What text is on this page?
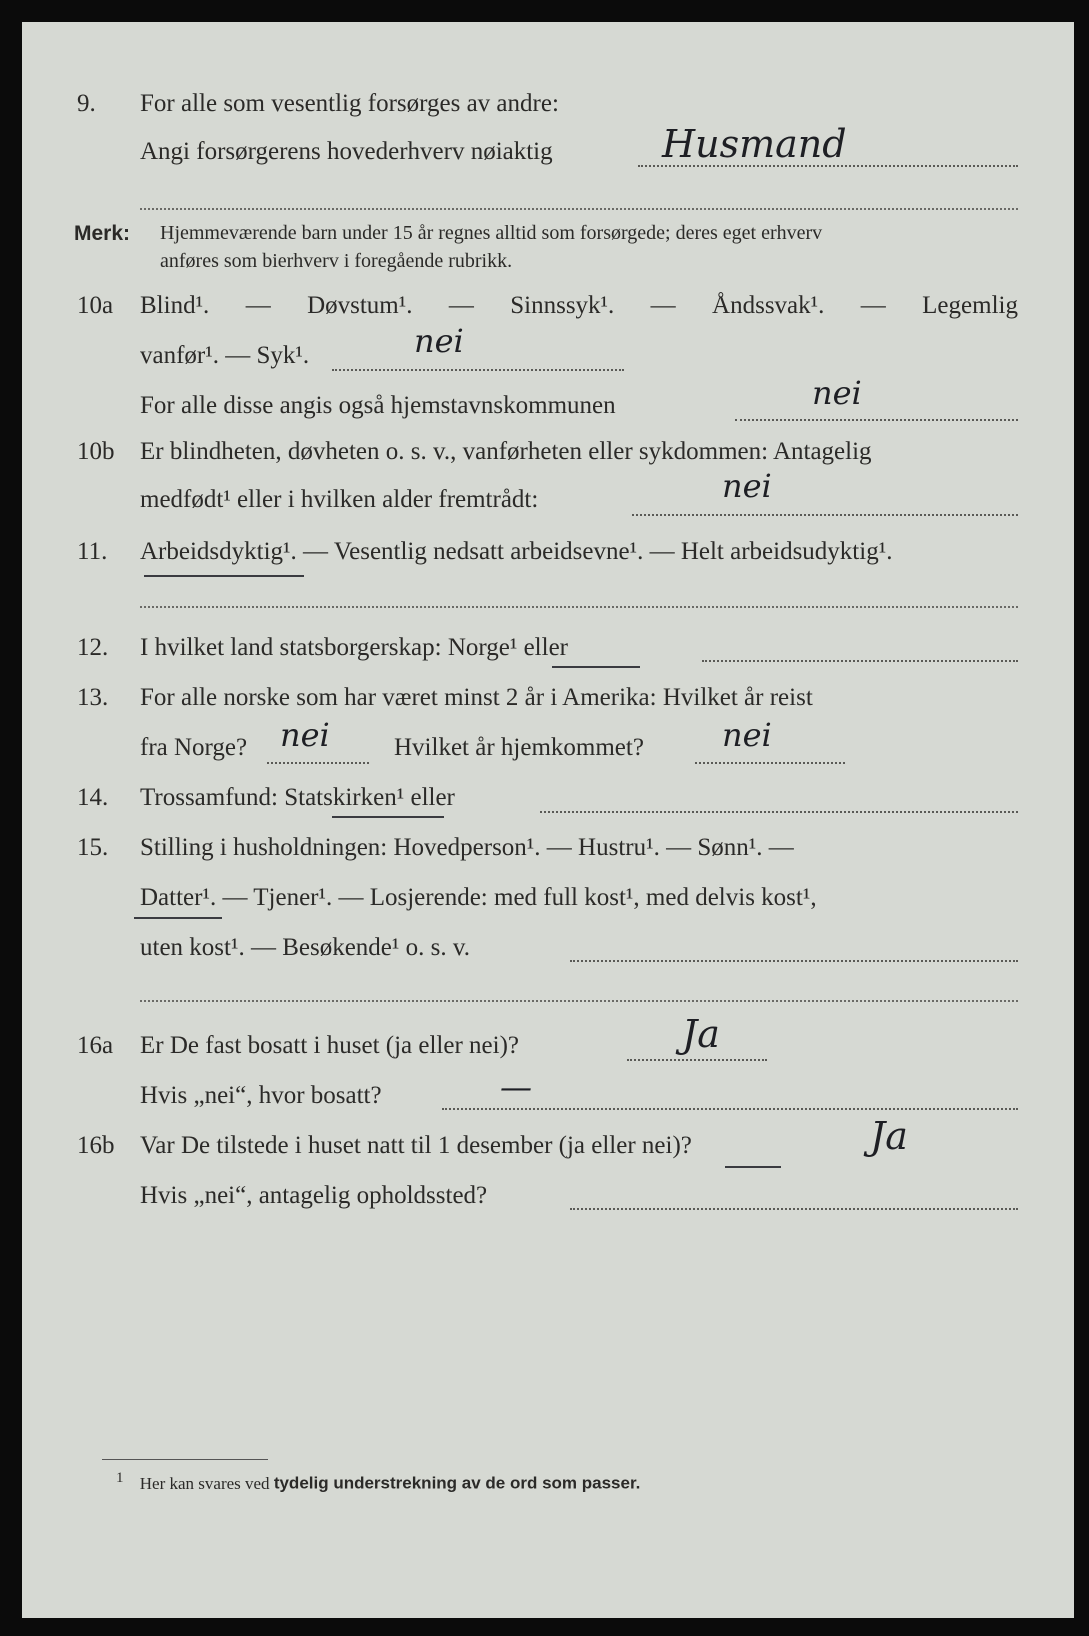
9. For alle som vesentlig forsørges av andre:
Angi forsørgerens hovederhverv nøiaktig	Husmand
Merk: Hjemmeværende barn under 15 år regnes alltid som forsørgede; deres eget erhverv
anføres som bierhverv i foregående rubrikk.
10a Blind¹. — Døvstum¹. — Sinnssyk¹. — Åndssvak¹. — Legemlig
vanfør¹. — Syk¹.	nei
For alle disse angis også hjemstavnskommunen	nei
10b Er blindheten, døvheten o. s. v., vanførheten eller sykdommen: Antagelig
medfødt¹ eller i hvilken alder fremtrådt:	nei
11. Arbeidsdyktig¹. — Vesentlig nedsatt arbeidsevne¹. — Helt arbeidsudyktig¹.
12. I hvilket land statsborgerskap: Norge¹ eller
13. For alle norske som har været minst 2 år i Amerika: Hvilket år reist
fra Norge?	Hvilket år hjemkommet?
nei	nei
14. Trossamfund: Statskirken¹ eller
15. Stilling i husholdningen: Hovedperson¹. — Hustru¹. — Sønn¹. —
Datter¹. — Tjener¹. — Losjerende: med full kost¹, med delvis kost¹,
uten kost¹. — Besøkende¹ o. s. v.
16a Er De fast bosatt i huset (ja eller nei)?	Ja
Hvis „nei“, hvor bosatt?	—
16b Var De tilstede i huset natt til 1 desember (ja eller nei)?	Ja
Hvis „nei“, antagelig opholdssted?
1 Her kan svares ved tydelig understrekning av de ord som passer.
